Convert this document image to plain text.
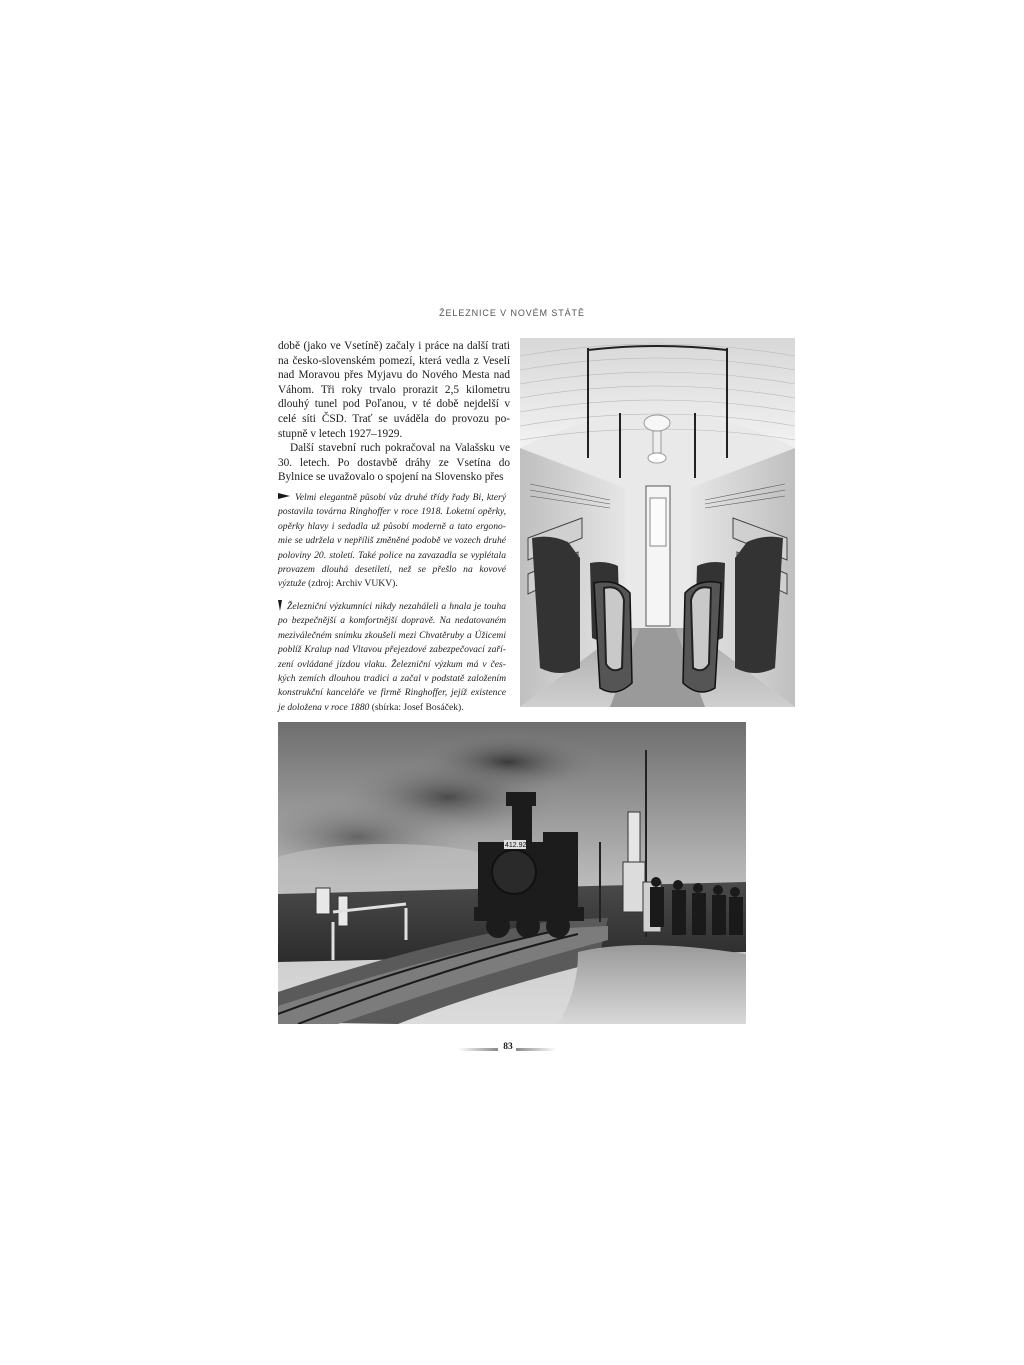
ŽELEZNICE V NOVÉM STÁTĚ

době (jako ve Vsetíně) začaly i práce na další trati na česko-slovenském pomezí, která vedla z Veselí nad Moravou přes Myjavu do Nového Mesta nad Váhom. Tři roky trvalo prorazit 2,5 kilometru dlouhý tunel pod Poľanou, v té době nejdelší v celé síti ČSD. Trať se uváděla do provozu postupně v letech 1927–1929.

Další stavební ruch pokračoval na Valašsku ve 30. letech. Po dostavbě dráhy ze Vsetína do Bylnice se uvažovalo o spojení na Slovensko přes

Velmi elegantně působí vůz druhé třídy řady Bi, který postavila továrna Ringhoffer v roce 1918. Loketní opěrky, opěrky hlavy i sedadla už působí moderně a tato ergonomie se udržela v nepříliš změněné podobě ve vozech druhé poloviny 20. století. Také police na zavazadla se vyplétala provazem dlouhá desetiletí, než se přešlo na kovové výztuže (zdroj: Archiv VUKV).
Železniční výzkumníci nikdy nezaháleli a hnala je touha po bezpečnější a komfortnější dopravě. Na nedatovaném meziválečném snímku zkoušeli mezi Chvatěruby a Úžicemi poblíž Kralup nad Vltavou přejezdové zabezpečovací zařízení ovládané jízdou vlaku. Železniční výzkum má v českých zemích dlouhou tradici a začal v podstatě založením konstrukční kanceláře ve firmě Ringhoffer, jejíž existence je doložena v roce 1880 (sbírka: Josef Bosáček).
412.92
83
